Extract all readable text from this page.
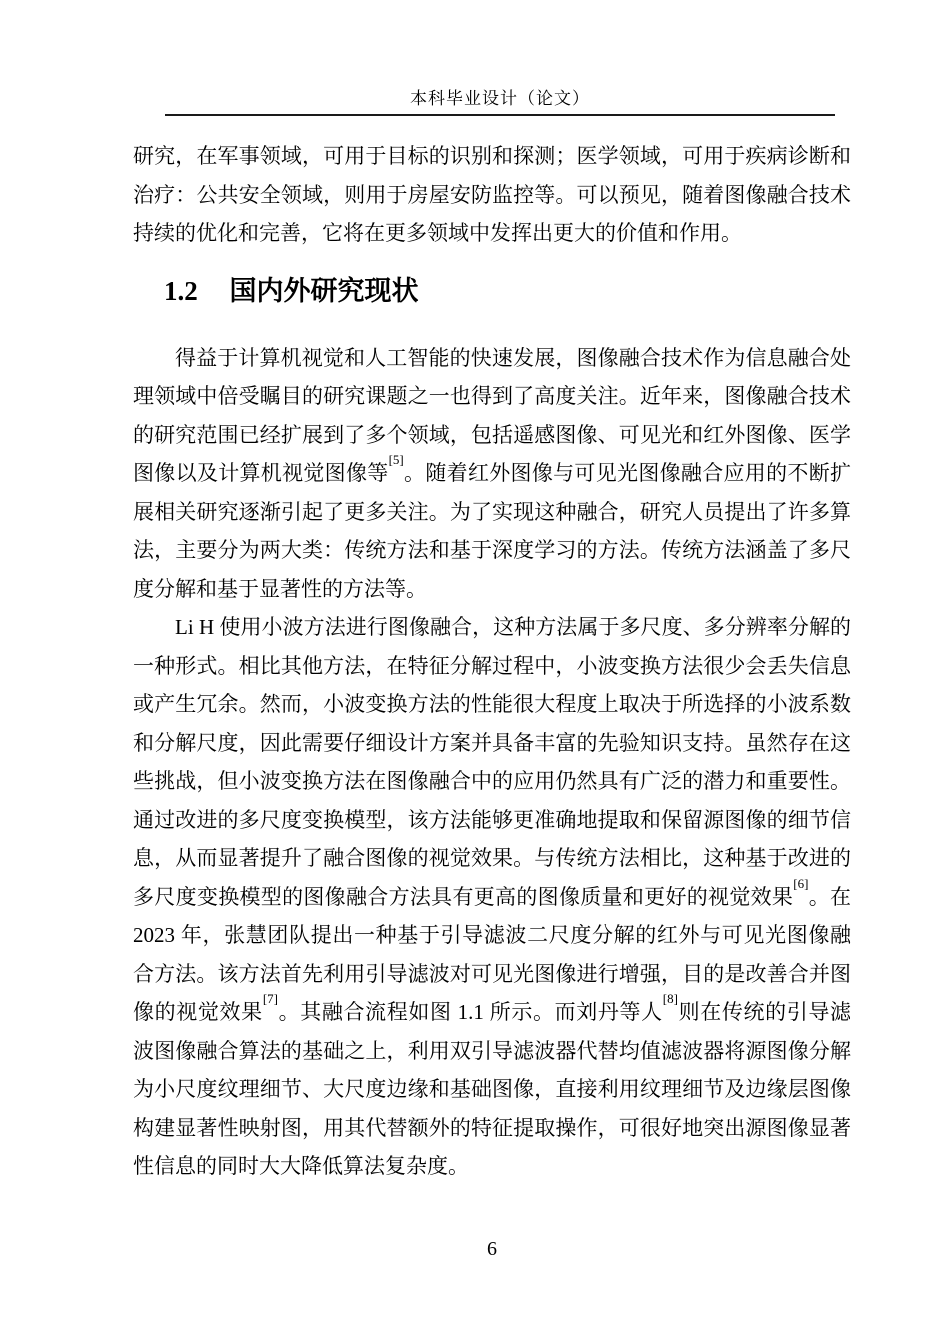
本科毕业设计（论文）

研究，在军事领域，可用于目标的识别和探测；医学领域，可用于疾病诊断和治疗：公共安全领域，则用于房屋安防监控等。可以预见，随着图像融合技术持续的优化和完善，它将在更多领域中发挥出更大的价值和作用。

1.2 国内外研究现状

得益于计算机视觉和人工智能的快速发展，图像融合技术作为信息融合处理领域中倍受瞩目的研究课题之一也得到了高度关注。近年来，图像融合技术的研究范围已经扩展到了多个领域，包括遥感图像、可见光和红外图像、医学图像以及计算机视觉图像等[5]。随着红外图像与可见光图像融合应用的不断扩展相关研究逐渐引起了更多关注。为了实现这种融合，研究人员提出了许多算法，主要分为两大类：传统方法和基于深度学习的方法。传统方法涵盖了多尺度分解和基于显著性的方法等。

Li H 使用小波方法进行图像融合，这种方法属于多尺度、多分辨率分解的一种形式。相比其他方法，在特征分解过程中，小波变换方法很少会丢失信息或产生冗余。然而，小波变换方法的性能很大程度上取决于所选择的小波系数和分解尺度，因此需要仔细设计方案并具备丰富的先验知识支持。虽然存在这些挑战，但小波变换方法在图像融合中的应用仍然具有广泛的潜力和重要性。通过改进的多尺度变换模型，该方法能够更准确地提取和保留源图像的细节信息，从而显著提升了融合图像的视觉效果。与传统方法相比，这种基于改进的多尺度变换模型的图像融合方法具有更高的图像质量和更好的视觉效果[6]。在 2023 年，张慧团队提出一种基于引导滤波二尺度分解的红外与可见光图像融合方法。该方法首先利用引导滤波对可见光图像进行增强，目的是改善合并图像的视觉效果[7]。其融合流程如图 1.1 所示。而刘丹等人[8]则在传统的引导滤波图像融合算法的基础之上，利用双引导滤波器代替均值滤波器将源图像分解为小尺度纹理细节、大尺度边缘和基础图像，直接利用纹理细节及边缘层图像构建显著性映射图，用其代替额外的特征提取操作，可很好地突出源图像显著性信息的同时大大降低算法复杂度。

6
